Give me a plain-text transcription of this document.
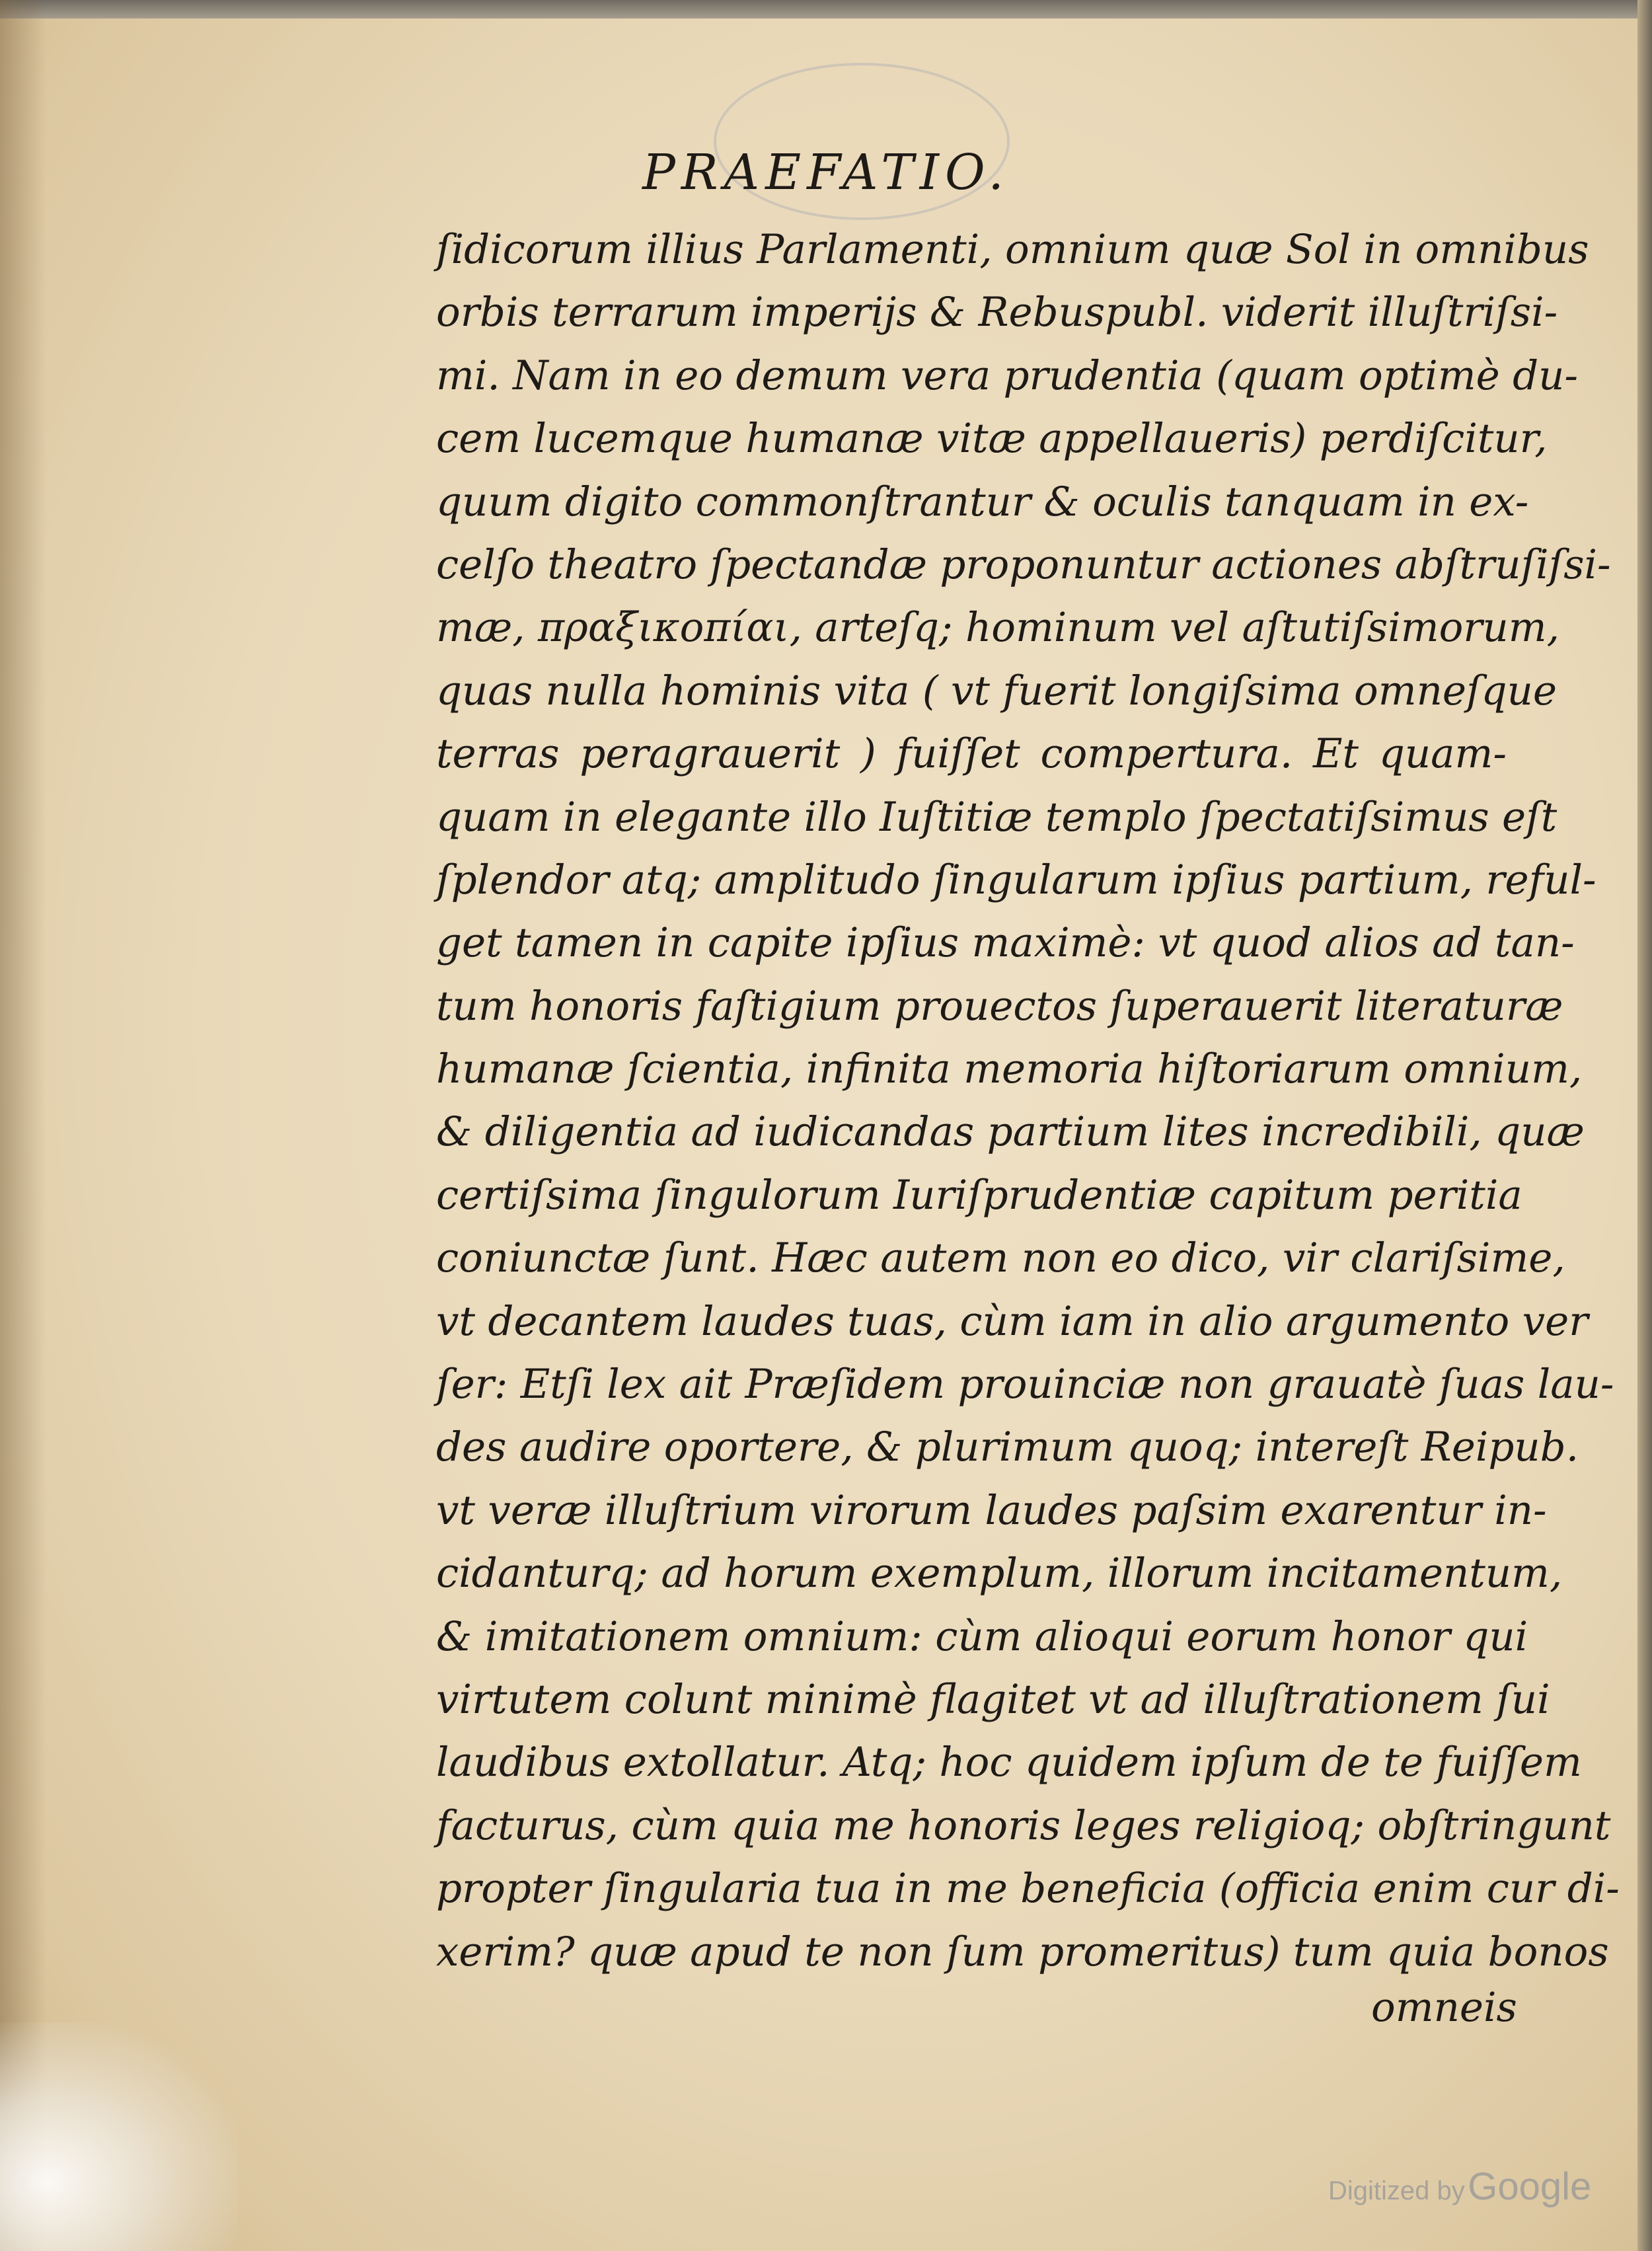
PRAEFATIO.
ſidicorum illius Parlamenti, omnium quæ Sol in omnibus
orbis terrarum imperijs & Rebuspubl. viderit illuſtriſsi-
mi. Nam in eo demum vera prudentia (quam optimè du-
cem lucemque humanæ vitæ appellaueris) perdiſcitur,
quum digito commonſtrantur & oculis tanquam in ex-
celſo theatro ſpectandæ proponuntur actiones abſtruſiſsi-
mæ, πραξικοπίαι, arteſq; hominum vel aſtutiſsimorum,
quas nulla hominis vita ( vt fuerit longiſsima omneſque
terras peragrauerit ) fuiſſet compertura. Et quam-
quam in elegante illo Iuſtitiæ templo ſpectatiſsimus eſt
ſplendor atq; amplitudo ſingularum ipſius partium, reful-
get tamen in capite ipſius maximè: vt quod alios ad tan-
tum honoris faſtigium prouectos ſuperauerit literaturæ
humanæ ſcientia, infinita memoria hiſtoriarum omnium,
& diligentia ad iudicandas partium lites incredibili, quæ
certiſsima ſingulorum Iuriſprudentiæ capitum peritia
coniunctæ ſunt. Hæc autem non eo dico, vir clariſsime,
vt decantem laudes tuas, cùm iam in alio argumento ver
ſer: Etſi lex ait Præſidem prouinciæ non grauatè ſuas lau-
des audire oportere, & plurimum quoq; intereſt Reipub.
vt veræ illuſtrium virorum laudes paſsim exarentur in-
cidanturq; ad horum exemplum, illorum incitamentum,
& imitationem omnium: cùm alioqui eorum honor qui
virtutem colunt minimè flagitet vt ad illuſtrationem ſui
laudibus extollatur. Atq; hoc quidem ipſum de te fuiſſem
facturus, cùm quia me honoris leges religioq; obſtringunt
propter ſingularia tua in me beneficia (officia enim cur di-
xerim? quæ apud te non ſum promeritus) tum quia bonos
omneis
Digitized by Google
